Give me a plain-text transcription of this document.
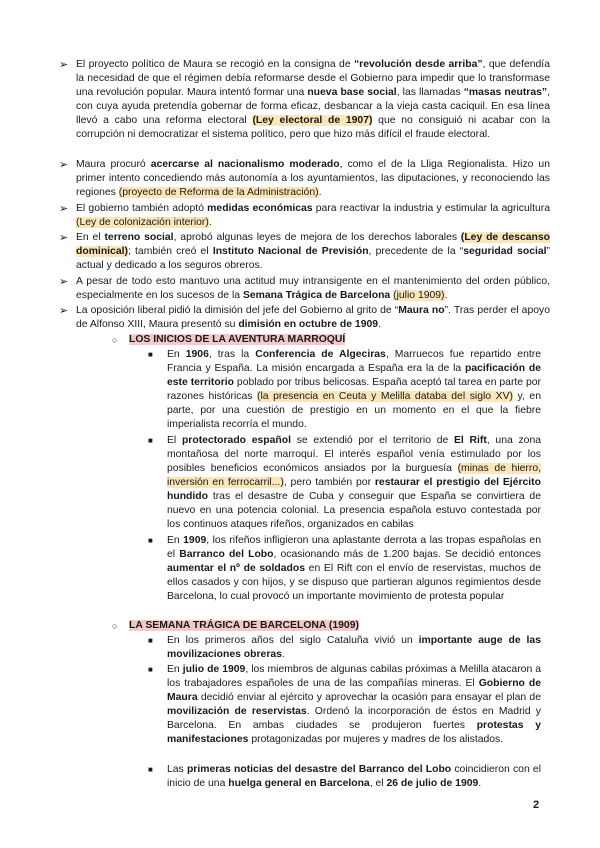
➢ El proyecto político de Maura se recogió en la consigna de “revolución desde arriba”, que defendía la necesidad de que el régimen debía reformarse desde el Gobierno para impedir que lo transformase una revolución popular. Maura intentó formar una nueva base social, las llamadas “masas neutras”, con cuya ayuda pretendía gobernar de forma eficaz, desbancar a la vieja casta caciquil. En esa línea llevó a cabo una reforma electoral (Ley electoral de 1907) que no consiguió ni acabar con la corrupción ni democratizar el sistema político, pero que hizo más difícil el fraude electoral.

➢ Maura procuró acercarse al nacionalismo moderado, como el de la Lliga Regionalista. Hizo un primer intento concediendo más autonomía a los ayuntamientos, las diputaciones, y reconociendo las regiones (proyecto de Reforma de la Administración).

➢ El gobierno también adoptó medidas económicas para reactivar la industria y estimular la agricultura (Ley de colonización interior).

➢ En el terreno social, aprobó algunas leyes de mejora de los derechos laborales (Ley de descanso dominical); también creó el Instituto Nacional de Previsión, precedente de la “seguridad social” actual y dedicado a los seguros obreros.

➢ A pesar de todo esto mantuvo una actitud muy intransigente en el mantenimiento del orden público, especialmente en los sucesos de la Semana Trágica de Barcelona (julio 1909).

➢ La oposición liberal pidió la dimisión del jefe del Gobierno al grito de “Maura no”. Tras perder el apoyo de Alfonso XIII, Maura presentó su dimisión en octubre de 1909.

○ LOS INICIOS DE LA AVENTURA MARROQUÍ

■ En 1906, tras la Conferencia de Algeciras, Marruecos fue repartido entre Francia y España. La misión encargada a España era la de la pacificación de este territorio poblado por tribus belicosas. España aceptó tal tarea en parte por razones históricas (la presencia en Ceuta y Melilla databa del siglo XV) y, en parte, por una cuestión de prestigio en un momento en el que la fiebre imperialista recorría el mundo.

■ El protectorado español se extendió por el territorio de El Rift, una zona montañosa del norte marroquí. El interés español venía estimulado por los posibles beneficios económicos ansiados por la burguesía (minas de hierro, inversión en ferrocarril...), pero también por restaurar el prestigio del Ejército hundido tras el desastre de Cuba y conseguir que España se convirtiera de nuevo en una potencia colonial. La presencia española estuvo contestada por los continuos ataques rifeños, organizados en cabilas

■ En 1909, los rifeños infligieron una aplastante derrota a las tropas españolas en el Barranco del Lobo, ocasionando más de 1.200 bajas. Se decidió entonces aumentar el nº de soldados en El Rift con el envío de reservistas, muchos de ellos casados y con hijos, y se dispuso que partieran algunos regimientos desde Barcelona, lo cual provocó un importante movimiento de protesta popular

○ LA SEMANA TRÁGICA DE BARCELONA (1909)

■ En los primeros años del siglo Cataluña vivió un importante auge de las movilizaciones obreras.

■ En julio de 1909, los miembros de algunas cabilas próximas a Melilla atacaron a los trabajadores españoles de una de las compañías mineras. El Gobierno de Maura decidió enviar al ejército y aprovechar la ocasión para ensayar el plan de movilización de reservistas. Ordenó la incorporación de éstos en Madrid y Barcelona. En ambas ciudades se produjeron fuertes protestas y manifestaciones protagonizadas por mujeres y madres de los alistados.

■ Las primeras noticias del desastre del Barranco del Lobo coincidieron con el inicio de una huelga general en Barcelona, el 26 de julio de 1909.

2
